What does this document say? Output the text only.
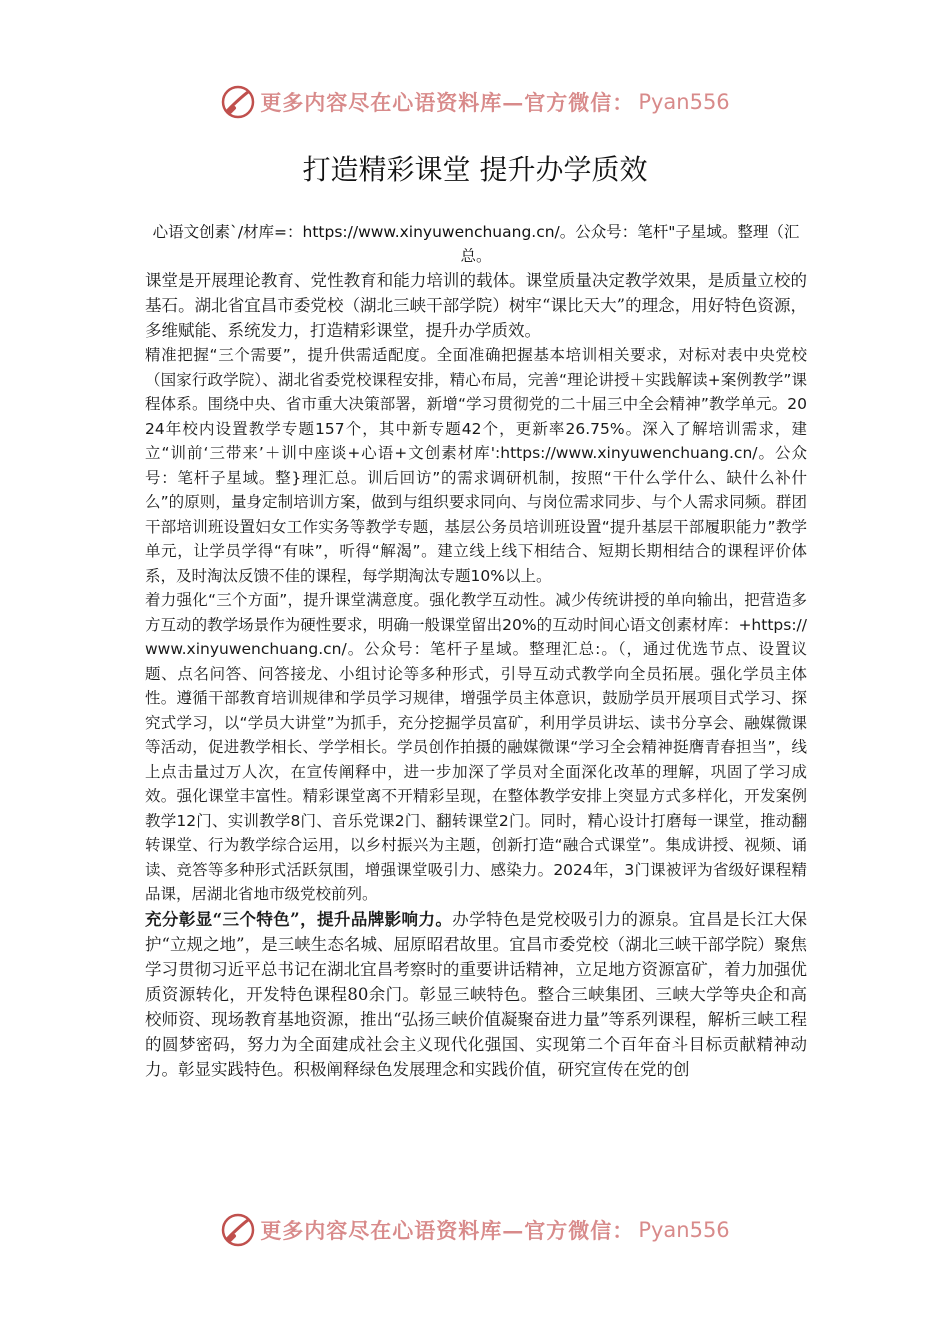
更多内容尽在心语资料库—官方微信： Pyan556
打造精彩课堂 提升办学质效
心语文创素`/材库=：https://www.xinyuwenchuang.cn/。公众号：笔杆"子星域。整理（汇总。

课堂是开展理论教育、党性教育和能力培训的载体。课堂质量决定教学效果，是质量立校的基石。湖北省宜昌市委党校（湖北三峡干部学院）树牢“课比天大”的理念，用好特色资源，多维赋能、系统发力，打造精彩课堂，提升办学质效。

精准把握“三个需要”，提升供需适配度。全面准确把握基本培训相关要求，对标对表中央党校（国家行政学院）、湖北省委党校课程安排，精心布局，完善“理论讲授＋实践解读+案例教学”课程体系。围绕中央、省市重大决策部署，新增“学习贯彻党的二十届三中全会精神”教学单元。2024年校内设置教学专题157个，其中新专题42个，更新率26.75%。深入了解培训需求，建立“训前‘三带来’＋训中座谈+心语+文创素材库':https://www.xinyuwenchuang.cn/。公众号：笔杆子星域。整}理汇总。训后回访”的需求调研机制，按照“干什么学什么、缺什么补什么”的原则，量身定制培训方案，做到与组织要求同向、与岗位需求同步、与个人需求同频。群团干部培训班设置妇女工作实务等教学专题，基层公务员培训班设置“提升基层干部履职能力”教学单元，让学员学得“有味”，听得“解渴”。建立线上线下相结合、短期长期相结合的课程评价体系，及时淘汰反馈不佳的课程，每学期淘汰专题10%以上。

着力强化“三个方面”，提升课堂满意度。强化教学互动性。减少传统讲授的单向输出，把营造多方互动的教学场景作为硬性要求，明确一般课堂留出20%的互动时间心语文创素材库：+https://www.xinyuwenchuang.cn/。公众号：笔杆子星域。整理汇总:。（，通过优选节点、设置议题、点名问答、问答接龙、小组讨论等多种形式，引导互动式教学向全员拓展。强化学员主体性。遵循干部教育培训规律和学员学习规律，增强学员主体意识，鼓励学员开展项目式学习、探究式学习，以“学员大讲堂”为抓手，充分挖掘学员富矿，利用学员讲坛、读书分享会、融媒微课等活动，促进教学相长、学学相长。学员创作拍摄的融媒微课“学习全会精神挺膺青春担当”，线上点击量过万人次，在宣传阐释中，进一步加深了学员对全面深化改革的理解，巩固了学习成效。强化课堂丰富性。精彩课堂离不开精彩呈现，在整体教学安排上突显方式多样化，开发案例教学12门、实训教学8门、音乐党课2门、翻转课堂2门。同时，精心设计打磨每一课堂，推动翻转课堂、行为教学综合运用，以乡村振兴为主题，创新打造“融合式课堂”。集成讲授、视频、诵读、竞答等多种形式活跃氛围，增强课堂吸引力、感染力。2024年，3门课被评为省级好课程精品课，居湖北省地市级党校前列。

充分彰显“三个特色”，提升品牌影响力。办学特色是党校吸引力的源泉。宜昌是长江大保护“立规之地”，是三峡生态名城、屈原昭君故里。宜昌市委党校（湖北三峡干部学院）聚焦学习贯彻习近平总书记在湖北宜昌考察时的重要讲话精神，立足地方资源富矿，着力加强优质资源转化，开发特色课程80余门。彰显三峡特色。整合三峡集团、三峡大学等央企和高校师资、现场教育基地资源，推出“弘扬三峡价值凝聚奋进力量”等系列课程，解析三峡工程的圆梦密码，努力为全面建成社会主义现代化强国、实现第二个百年奋斗目标贡献精神动力。彰显实践特色。积极阐释绿色发展理念和实践价值，研究宣传在党的创

更多内容尽在心语资料库—官方微信： Pyan556
